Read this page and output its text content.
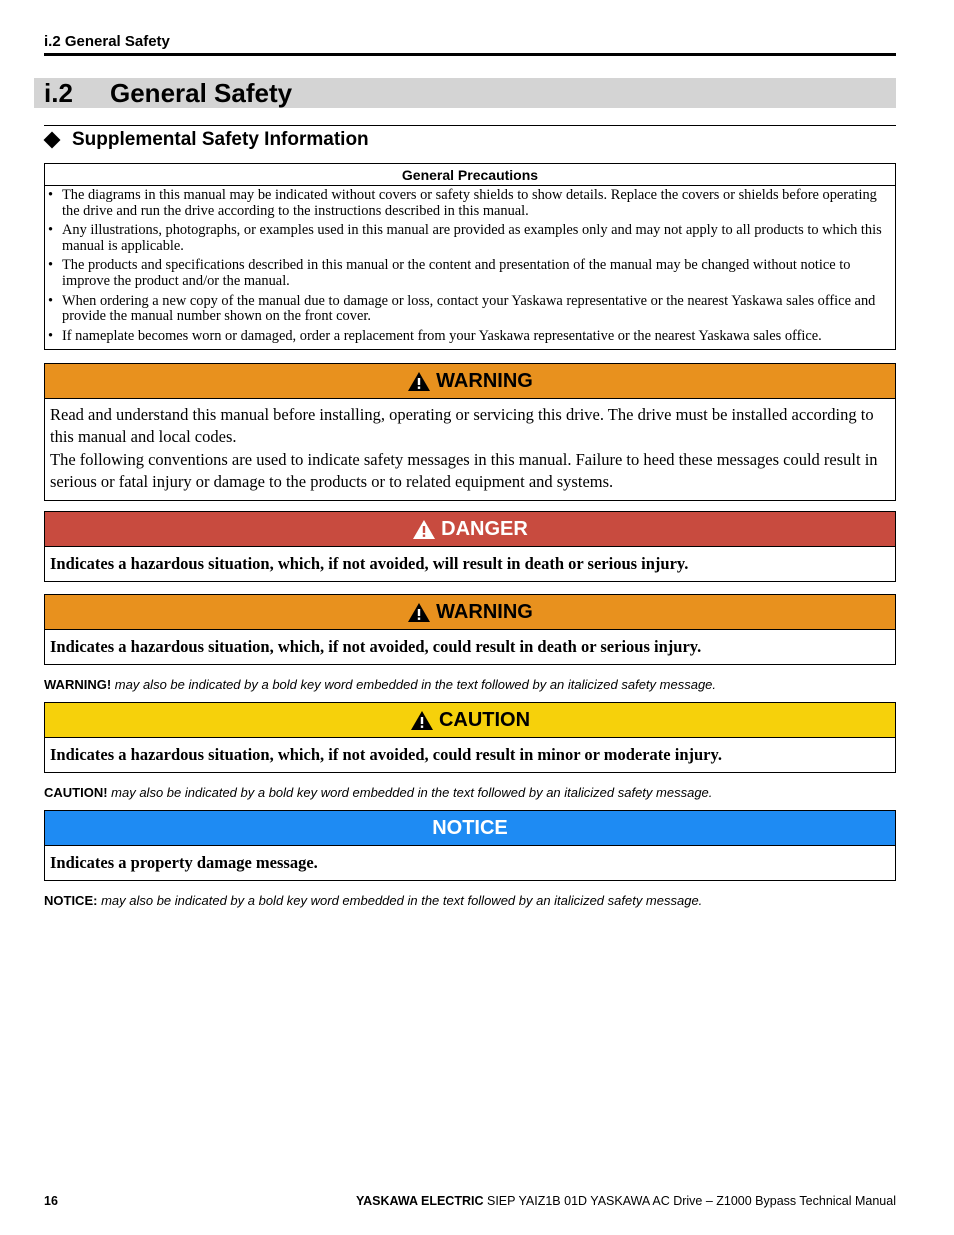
i.2 General Safety
i.2	General Safety
Supplemental Safety Information
General Precautions
• The diagrams in this manual may be indicated without covers or safety shields to show details. Replace the covers or shields before operating the drive and run the drive according to the instructions described in this manual.
• Any illustrations, photographs, or examples used in this manual are provided as examples only and may not apply to all products to which this manual is applicable.
• The products and specifications described in this manual or the content and presentation of the manual may be changed without notice to improve the product and/or the manual.
• When ordering a new copy of the manual due to damage or loss, contact your Yaskawa representative or the nearest Yaskawa sales office and provide the manual number shown on the front cover.
• If nameplate becomes worn or damaged, order a replacement from your Yaskawa representative or the nearest Yaskawa sales office.
WARNING

Read and understand this manual before installing, operating or servicing this drive. The drive must be installed according to this manual and local codes.

The following conventions are used to indicate safety messages in this manual. Failure to heed these messages could result in serious or fatal injury or damage to the products or to related equipment and systems.

DANGER
Indicates a hazardous situation, which, if not avoided, will result in death or serious injury.
WARNING
Indicates a hazardous situation, which, if not avoided, could result in death or serious injury.
WARNING! may also be indicated by a bold key word embedded in the text followed by an italicized safety message.
CAUTION
Indicates a hazardous situation, which, if not avoided, could result in minor or moderate injury.
CAUTION! may also be indicated by a bold key word embedded in the text followed by an italicized safety message.
NOTICE
Indicates a property damage message.
NOTICE: may also be indicated by a bold key word embedded in the text followed by an italicized safety message.
16	YASKAWA ELECTRIC SIEP YAIZ1B 01D YASKAWA AC Drive – Z1000 Bypass Technical Manual
